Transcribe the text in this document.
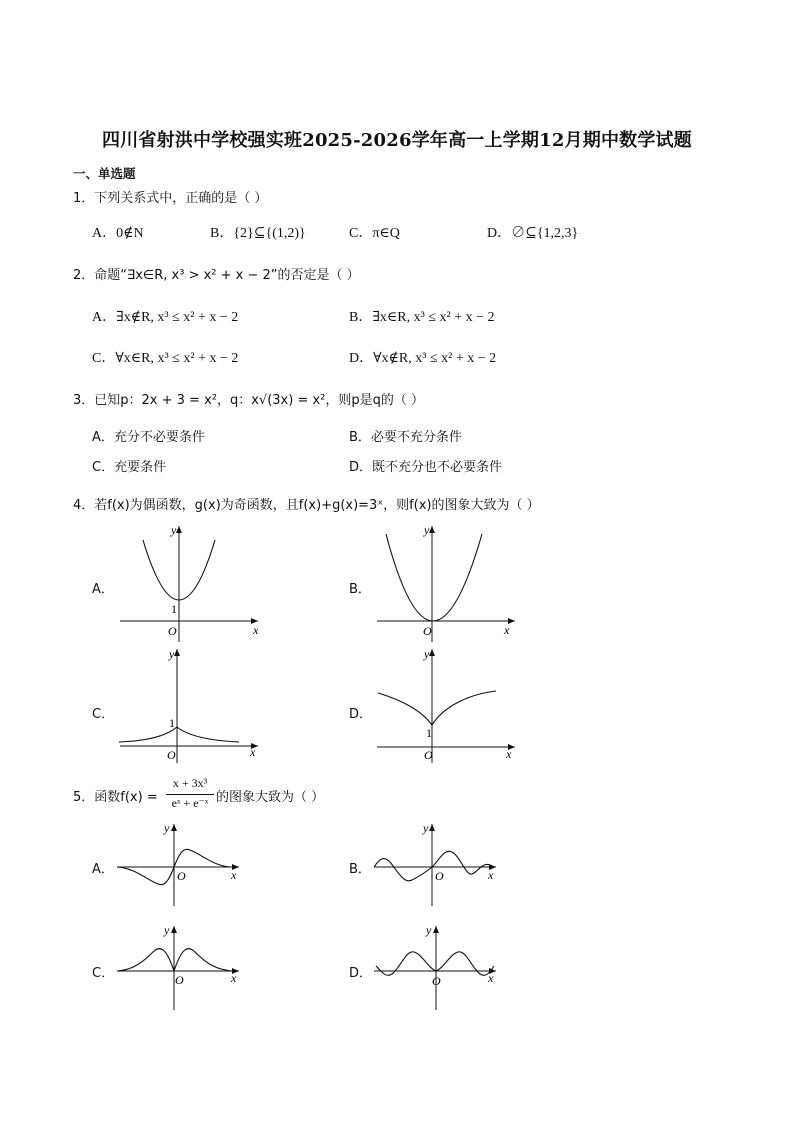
四川省射洪中学校强实班2025-2026学年高一上学期12月期中数学试题
一、单选题
1．下列关系式中，正确的是（ ）
A．0∉N	B．{2}⊆{(1,2)}	C．π∈Q	D．∅⊆{1,2,3}
2．命题“∃x∈R, x³ > x² + x − 2”的否定是（ ）
A．∃x∉R, x³ ≤ x² + x − 2	B．∃x∈R, x³ ≤ x² + x − 2
C．∀x∈R, x³ ≤ x² + x − 2	D．∀x∉R, x³ ≤ x² + x − 2
3．已知p：2x + 3 = x²，q：x√(3x) = x²，则p是q的（ ）
A．充分不必要条件	B．必要不充分条件
C．充要条件	D．既不充分也不必要条件
4．若f(x)为偶函数，g(x)为奇函数，且f(x)+g(x)=3ˣ，则f(x)的图象大致为（ ）
A．	B．
C．	D．
y
x
O
1
y
x
O
y
x
O
1
y
x
O
1
5．函数f(x) =
x + 3x³
eˣ + e⁻ˣ 的图象大致为（ ）
A．	B．
C．	D．
y
x
O
y
x
O
y
x
O
y
x
O
